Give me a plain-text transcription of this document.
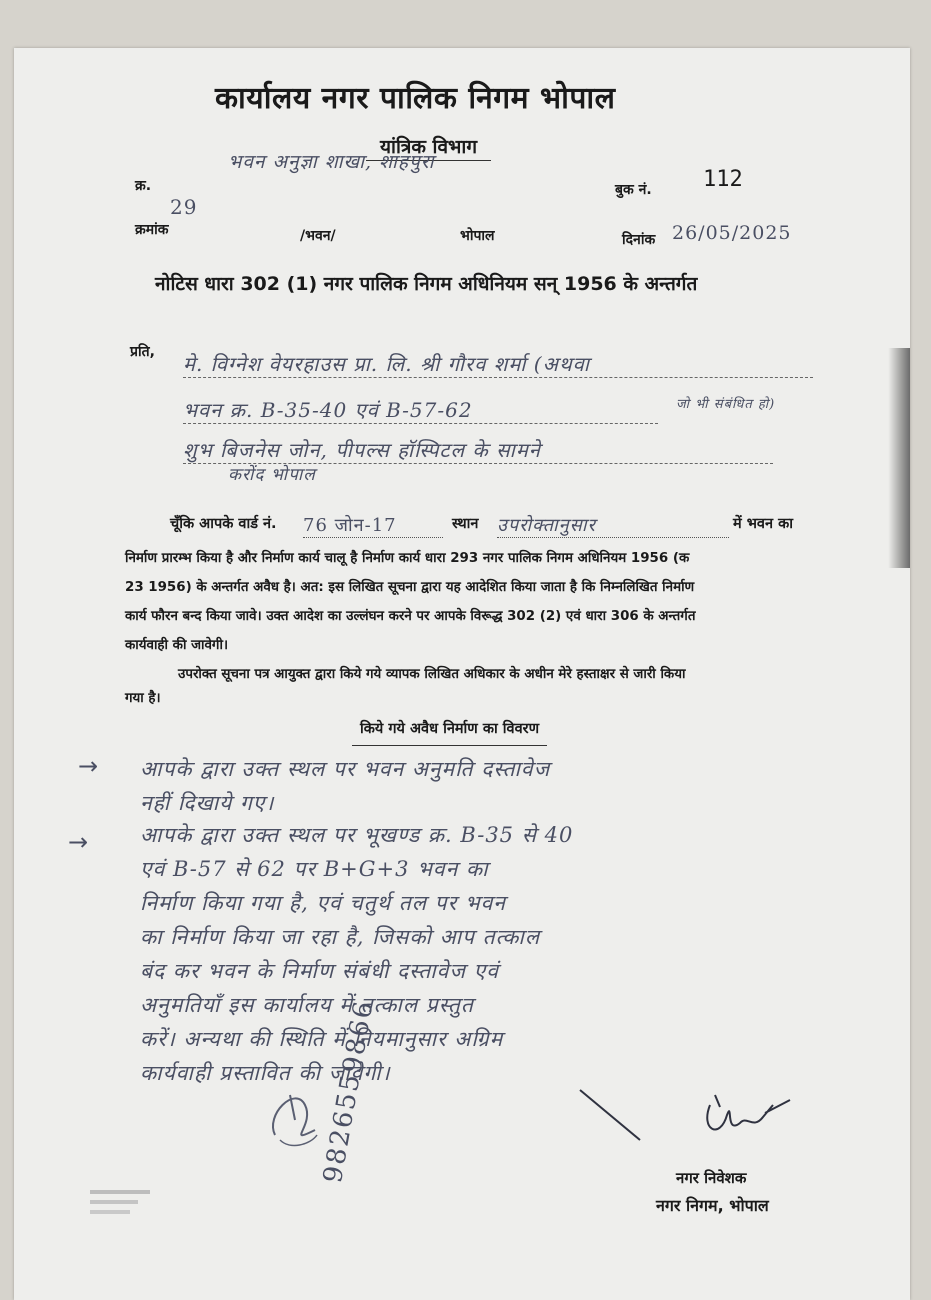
कार्यालय नगर पालिक निगम भोपाल
यांत्रिक विभाग
भवन अनुज्ञा शाखा, शाहपुरा
क्र.
29
क्रमांक	/भवन/	भोपाल
बुक नं. 112
दिनांक 26/05/2025
नोटिस धारा 302 (1) नगर पालिक निगम अधिनियम सन् 1956 के अन्तर्गत
प्रति, मे. विग्नेश वेयरहाउस प्रा. लि. श्री गौरव शर्मा (अथवा
भवन क्र. B-35-40 एवं B-57-62	जो भी संबंधित हो)
शुभ बिजनेस जोन, पीपल्स हॉस्पिटल के सामने
करोंद भोपाल
चूँकि आपके वार्ड नं. 76 जोन-17	स्थान उपरोक्तानुसार	में भवन का
निर्माण प्रारम्भ किया है और निर्माण कार्य चालू है निर्माण कार्य धारा 293 नगर पालिक निगम अधिनियम 1956 (क
23 1956) के अन्तर्गत अवैध है। अत: इस लिखित सूचना द्वारा यह आदेशित किया जाता है कि निम्नलिखित निर्माण
कार्य फौरन बन्द किया जावे। उक्त आदेश का उल्लंघन करने पर आपके विरूद्ध 302 (2) एवं धारा 306 के अन्तर्गत
कार्यवाही की जावेगी।
उपरोक्त सूचना पत्र आयुक्त द्वारा किये गये व्यापक लिखित अधिकार के अधीन मेरे हस्ताक्षर से जारी किया
गया है।
किये गये अवैध निर्माण का विवरण
→ आपके द्वारा उक्त स्थल पर भवन अनुमति दस्तावेज
नहीं दिखाये गए।
→ आपके द्वारा उक्त स्थल पर भूखण्ड क्र. B-35 से 40
एवं B-57 से 62 पर B+G+3 भवन का
निर्माण किया गया है, एवं चतुर्थ तल पर भवन
का निर्माण किया जा रहा है, जिसको आप तत्काल
बंद कर भवन के निर्माण संबंधी दस्तावेज एवं
अनुमतियाँ इस कार्यालय में तत्काल प्रस्तुत
करें। अन्यथा की स्थिति में नियमानुसार अग्रिम
कार्यवाही प्रस्तावित की जावेगी।
9826559866	नगर निवेशक
नगर निगम, भोपाल
